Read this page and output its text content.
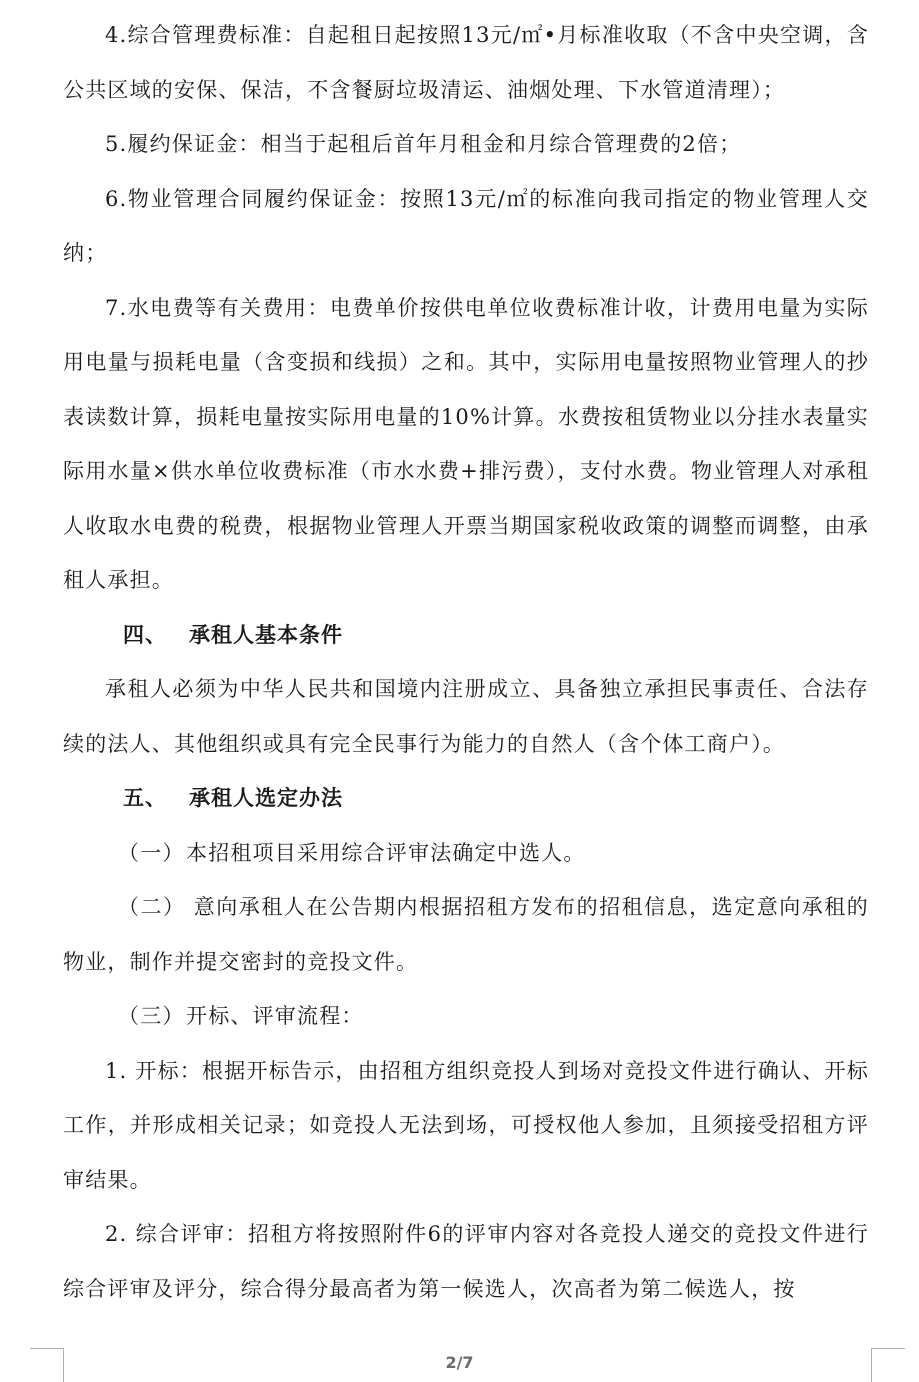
4.综合管理费标准：自起租日起按照13元/㎡•月标准收取（不含中央空调，含公共区域的安保、保洁，不含餐厨垃圾清运、油烟处理、下水管道清理）；

5.履约保证金：相当于起租后首年月租金和月综合管理费的2倍；

6.物业管理合同履约保证金：按照13元/㎡的标准向我司指定的物业管理人交纳；

7.水电费等有关费用：电费单价按供电单位收费标准计收，计费用电量为实际用电量与损耗电量（含变损和线损）之和。其中，实际用电量按照物业管理人的抄表读数计算，损耗电量按实际用电量的10%计算。水费按租赁物业以分挂水表量实际用水量×供水单位收费标准（市水水费+排污费），支付水费。物业管理人对承租人收取水电费的税费，根据物业管理人开票当期国家税收政策的调整而调整，由承租人承担。

四、 承租人基本条件

承租人必须为中华人民共和国境内注册成立、具备独立承担民事责任、合法存续的法人、其他组织或具有完全民事行为能力的自然人（含个体工商户）。

五、 承租人选定办法

（一）本招租项目采用综合评审法确定中选人。

（二） 意向承租人在公告期内根据招租方发布的招租信息，选定意向承租的物业，制作并提交密封的竞投文件。

（三）开标、评审流程：

1. 开标：根据开标告示，由招租方组织竞投人到场对竞投文件进行确认、开标工作，并形成相关记录；如竞投人无法到场，可授权他人参加，且须接受招租方评审结果。

2. 综合评审：招租方将按照附件6的评审内容对各竞投人递交的竞投文件进行综合评审及评分，综合得分最高者为第一候选人，次高者为第二候选人，按

2/7
